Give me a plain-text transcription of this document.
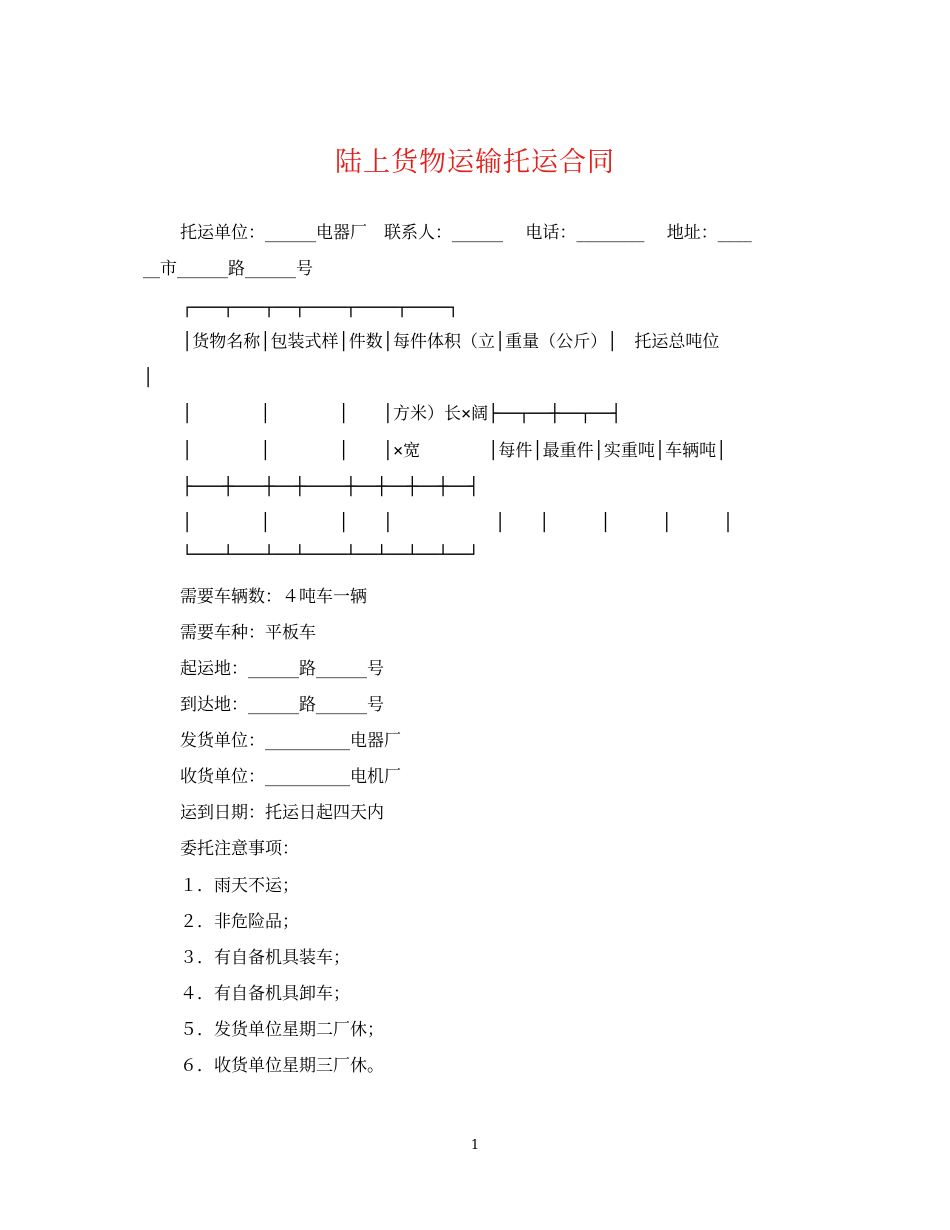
陆上货物运输托运合同
托运单位：______电器厂　联系人：______　 电话：________　 地址：____
__市______路______号
┌───┬───┬──┬────┬────┬────┐
│货物名称│包装式样│件数│每件体积（立│重量（公斤）│　托运总吨位
│
│　　　　│　　　　│　　│方米）长×阔├──┬──┼──┬──┤
│　　　　│　　　　│　　│×宽　　　　│每件│最重件│实重吨│车辆吨│
├───┼───┼──┼────┼──┼──┼──┼──┤
│　　　　│　　　　│　　│　　　　　　│　　│　　　│　　　│　　　│
└───┴───┴──┴────┴──┴──┴──┴──┘
需要车辆数：４吨车一辆
需要车种：平板车
起运地：______路______号
到达地：______路______号
发货单位：__________电器厂
收货单位：__________电机厂
运到日期：托运日起四天内
委托注意事项：
１．雨天不运；
２．非危险品；
３．有自备机具装车；
４．有自备机具卸车；
５．发货单位星期二厂休；
６．收货单位星期三厂休。
1
